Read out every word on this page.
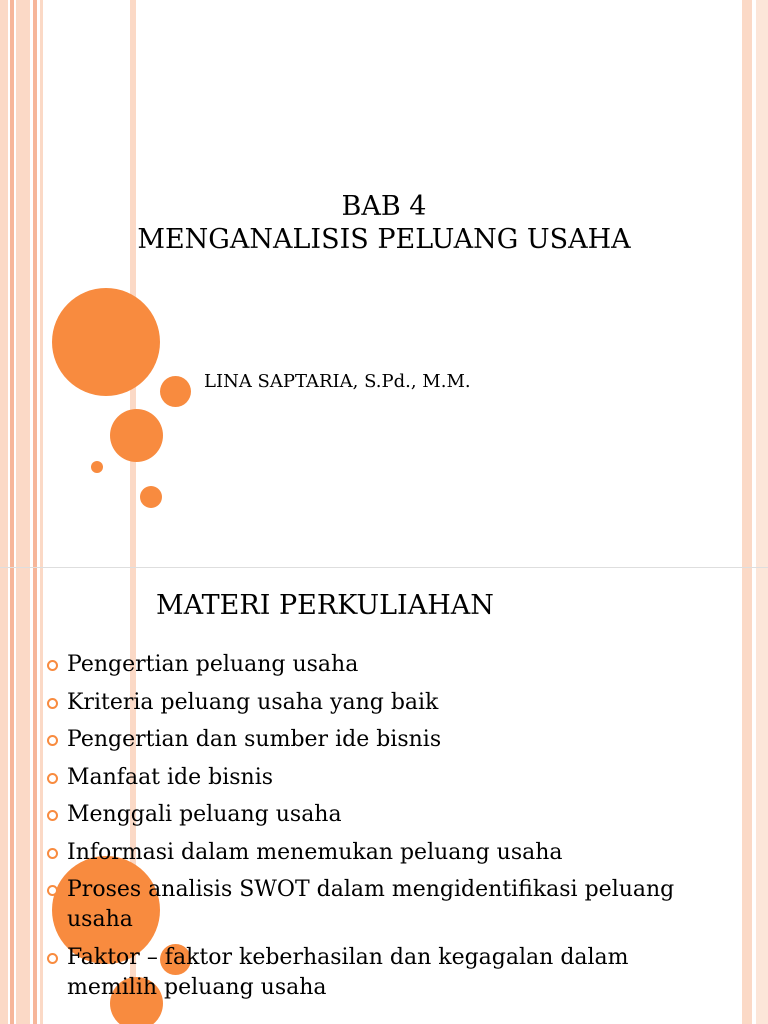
BAB 4
MENGANALISIS PELUANG USAHA
LINA SAPTARIA, S.Pd., M.M.
MATERI PERKULIAHAN
Pengertian peluang usaha
Kriteria peluang usaha yang baik
Pengertian dan sumber ide bisnis
Manfaat ide bisnis
Menggali peluang usaha
Informasi dalam menemukan peluang usaha
Proses analisis SWOT dalam mengidentifikasi peluang usaha
Faktor – faktor keberhasilan dan kegagalan dalam memilih peluang usaha
